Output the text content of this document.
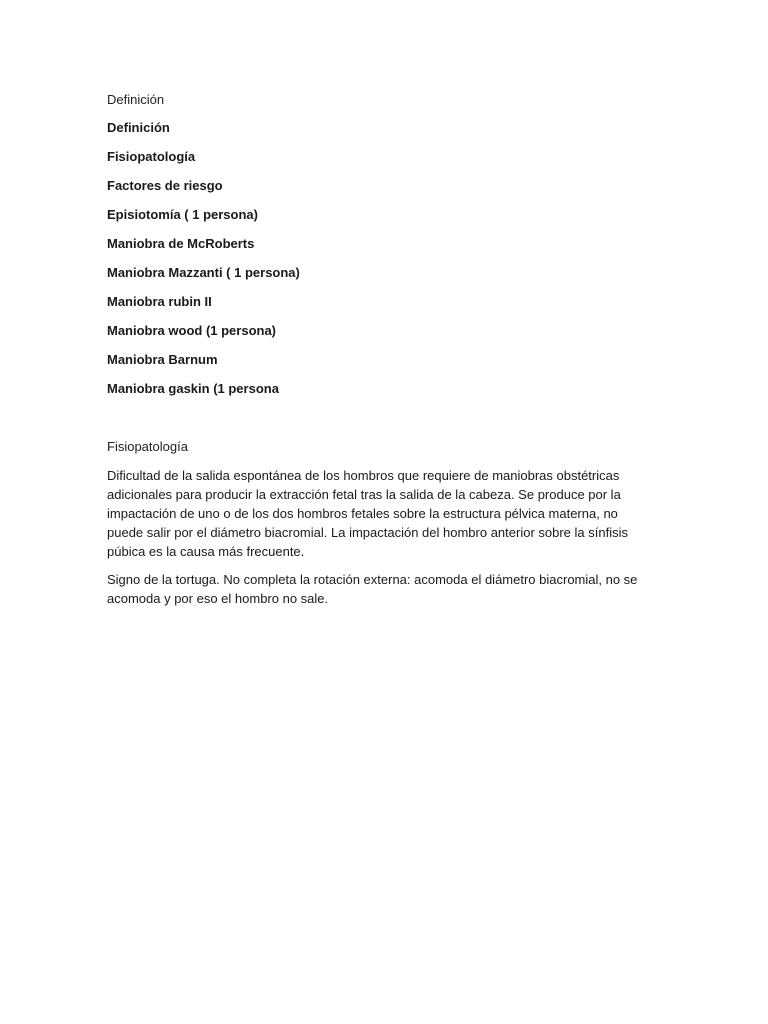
Definición
Definición
Fisiopatología
Factores de riesgo
Episiotomía ( 1 persona)
Maniobra de McRoberts
Maniobra Mazzanti ( 1 persona)
Maniobra rubin II
Maniobra wood (1 persona)
Maniobra Barnum
Maniobra gaskin (1 persona
Fisiopatología

Dificultad de la salida espontánea de los hombros que requiere de maniobras obstétricas adicionales para producir la extracción fetal tras la salida de la cabeza. Se produce por la impactación de uno o de los dos hombros fetales sobre la estructura pélvica materna, no puede salir por el diámetro biacromial. La impactación del hombro anterior sobre la sínfisis púbica es la causa más frecuente.

Signo de la tortuga. No completa la rotación externa: acomoda el diámetro biacromial, no se acomoda y por eso el hombro no sale.
